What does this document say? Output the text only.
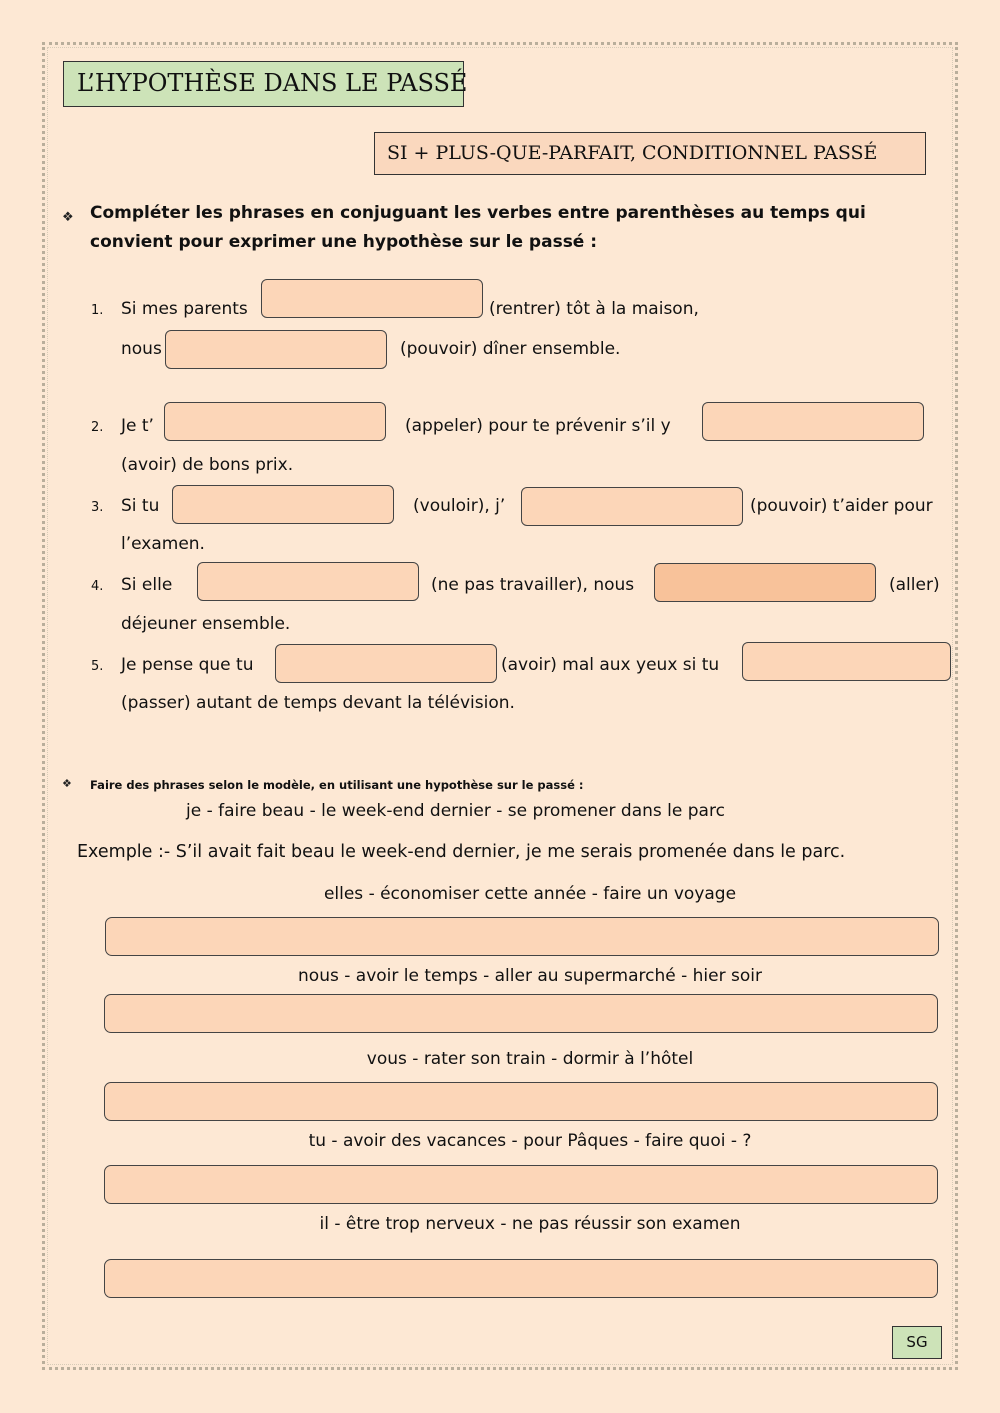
L’HYPOTHÈSE DANS LE PASSÉ
SI + PLUS-QUE-PARFAIT, CONDITIONNEL PASSÉ
❖ Compléter les phrases en conjuguant les verbes entre parenthèses au temps qui
convient pour exprimer une hypothèse sur le passé :
1. Si mes parents	(rentrer) tôt à la maison,
nous	(pouvoir) dîner ensemble.
2. Je t’	(appeler) pour te prévenir s’il y
(avoir) de bons prix.
3. Si tu	(vouloir), j’	(pouvoir) t’aider pour
l’examen.
4. Si elle	(ne pas travailler), nous	(aller)
déjeuner ensemble.
5. Je pense que tu	(avoir) mal aux yeux si tu
(passer) autant de temps devant la télévision.
❖ Faire des phrases selon le modèle, en utilisant une hypothèse sur le passé :
je - faire beau - le week-end dernier - se promener dans le parc
Exemple :- S’il avait fait beau le week-end dernier, je me serais promenée dans le parc.
elles - économiser cette année - faire un voyage
nous - avoir le temps - aller au supermarché - hier soir
vous - rater son train - dormir à l’hôtel
tu - avoir des vacances - pour Pâques - faire quoi - ?
il - être trop nerveux - ne pas réussir son examen
SG
